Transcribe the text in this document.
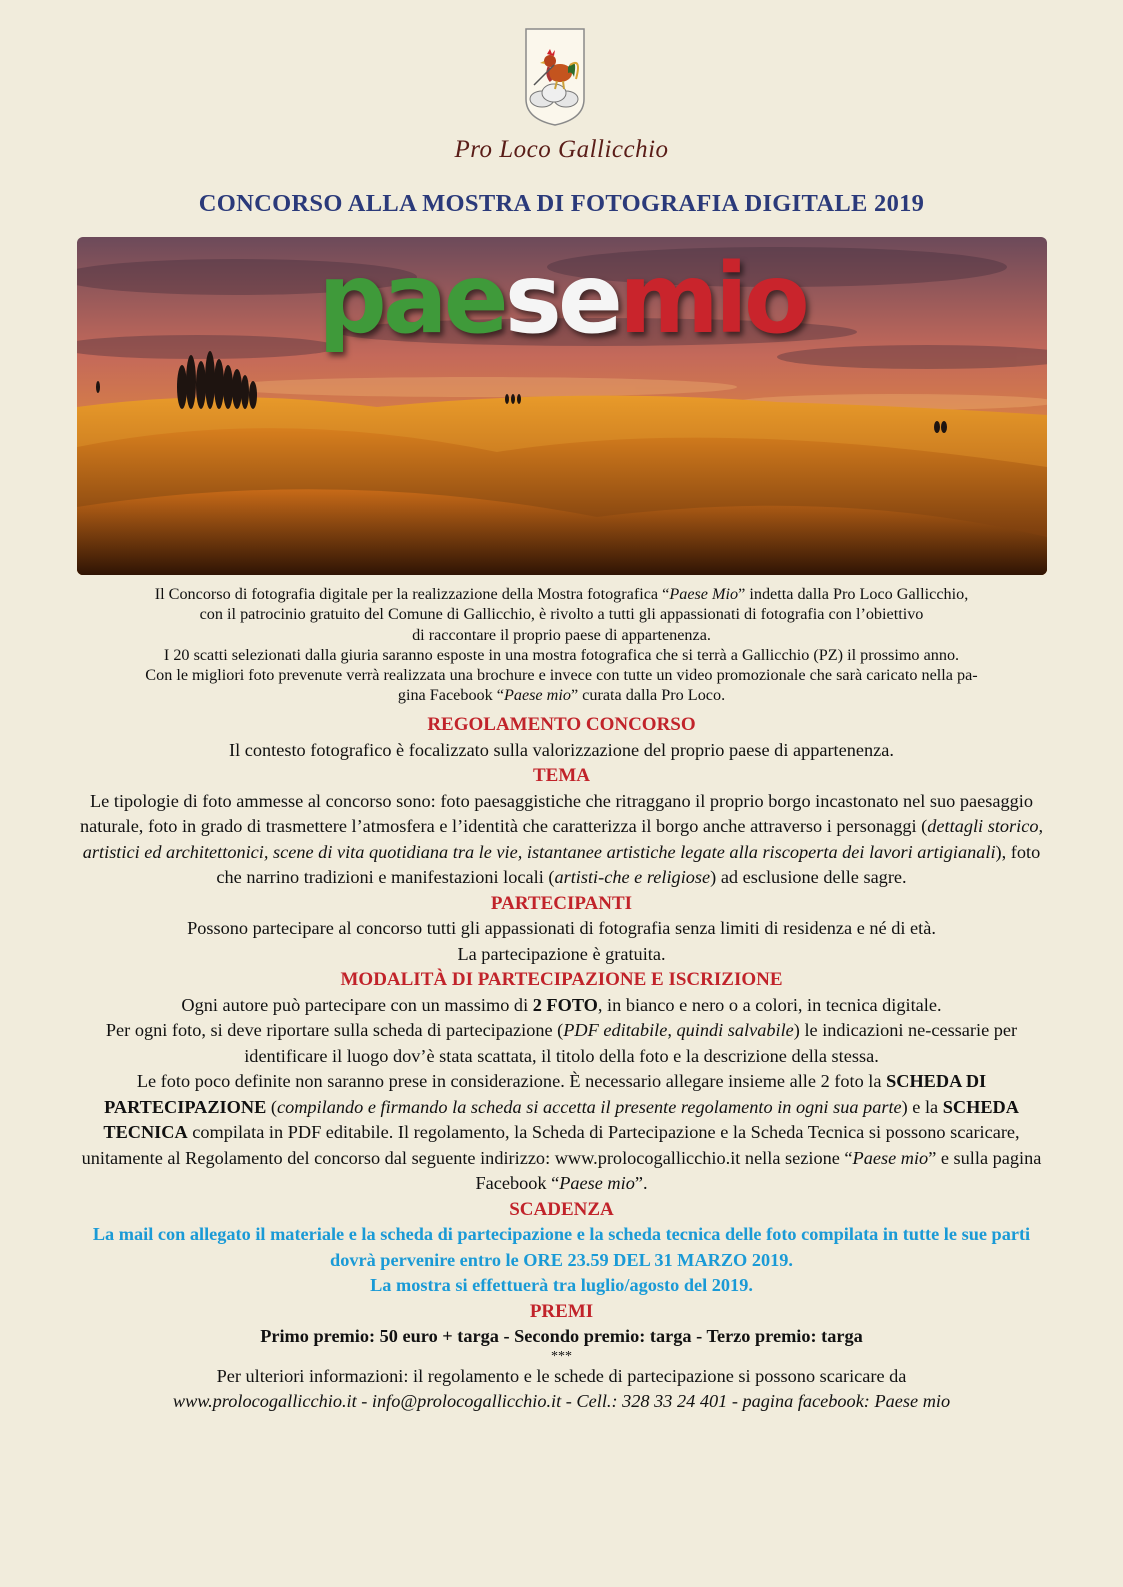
Pro Loco Gallicchio
CONCORSO ALLA MOSTRA DI FOTOGRAFIA DIGITALE 2019
paesemio

Il Concorso di fotografia digitale per la realizzazione della Mostra fotografica “Paese Mio” indetta dalla Pro Loco Gallicchio,

con il patrocinio gratuito del Comune di Gallicchio, è rivolto a tutti gli appassionati di fotografia con l’obiettivo

di raccontare il proprio paese di appartenenza.

I 20 scatti selezionati dalla giuria saranno esposte in una mostra fotografica che si terrà a Gallicchio (PZ) il prossimo anno.

Con le migliori foto prevenute verrà realizzata una brochure e invece con tutte un video promozionale che sarà caricato nella pa-

gina Facebook “Paese mio” curata dalla Pro Loco.

REGOLAMENTO CONCORSO

Il contesto fotografico è focalizzato sulla valorizzazione del proprio paese di appartenenza.

TEMA

Le tipologie di foto ammesse al concorso sono: foto paesaggistiche che ritraggano il proprio borgo incastonato nel suo paesaggio naturale, foto in grado di trasmettere l’atmosfera e l’identità che caratterizza il borgo anche attraverso i personaggi (dettagli storico, artistici ed architettonici, scene di vita quotidiana tra le vie, istantanee artistiche legate alla riscoperta dei lavori artigianali), foto che narrino tradizioni e manifestazioni locali (artisti-che e religiose) ad esclusione delle sagre.

PARTECIPANTI

Possono partecipare al concorso tutti gli appassionati di fotografia senza limiti di residenza e né di età.

La partecipazione è gratuita.

MODALITÀ DI PARTECIPAZIONE E ISCRIZIONE

Ogni autore può partecipare con un massimo di 2 FOTO, in bianco e nero o a colori, in tecnica digitale.

Per ogni foto, si deve riportare sulla scheda di partecipazione (PDF editabile, quindi salvabile) le indicazioni ne-cessarie per identificare il luogo dov’è stata scattata, il titolo della foto e la descrizione della stessa.

Le foto poco definite non saranno prese in considerazione. È necessario allegare insieme alle 2 foto la SCHEDA DI PARTECIPAZIONE (compilando e firmando la scheda si accetta il presente regolamento in ogni sua parte) e la SCHEDA TECNICA compilata in PDF editabile. Il regolamento, la Scheda di Partecipazione e la Scheda Tecnica si possono scaricare, unitamente al Regolamento del concorso dal seguente indirizzo: www.prolocogallicchio.it nella sezione “Paese mio” e sulla pagina Facebook “Paese mio”.

SCADENZA

La mail con allegato il materiale e la scheda di partecipazione e la scheda tecnica delle foto compilata in tutte le sue parti dovrà pervenire entro le ORE 23.59 DEL 31 MARZO 2019.

La mostra si effettuerà tra luglio/agosto del 2019.

PREMI

Primo premio: 50 euro + targa - Secondo premio: targa - Terzo premio: targa

***

Per ulteriori informazioni: il regolamento e le schede di partecipazione si possono scaricare da

www.prolocogallicchio.it - info@prolocogallicchio.it - Cell.: 328 33 24 401 - pagina facebook: Paese mio
